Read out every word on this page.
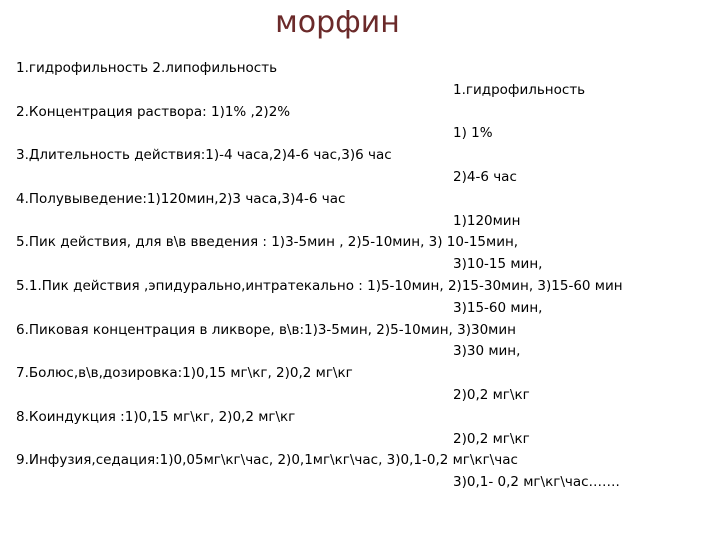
морфин
1.гидрофильность 2.липофильность
1.гидрофильность
2.Концентрация раствора: 1)1% ,2)2%
1) 1%
3.Длительность действия:1)-4 часа,2)4-6 час,3)6 час
2)4-6 час
4.Полувыведение:1)120мин,2)3 часа,3)4-6 час
1)120мин
5.Пик действия, для в\в введения : 1)3-5мин , 2)5-10мин, 3) 10-15мин,
3)10-15 мин,
5.1.Пик действия ,эпидурально,интратекально : 1)5-10мин, 2)15-30мин, 3)15-60 мин
3)15-60 мин,
6.Пиковая концентрация в ликворе, в\в:1)3-5мин, 2)5-10мин, 3)30мин
3)30 мин,
7.Болюс,в\в,дозировка:1)0,15 мг\кг, 2)0,2 мг\кг
2)0,2 мг\кг
8.Коиндукция :1)0,15 мг\кг, 2)0,2 мг\кг
2)0,2 мг\кг
9.Инфузия,седация:1)0,05мг\кг\час, 2)0,1мг\кг\час, 3)0,1-0,2 мг\кг\час
3)0,1- 0,2 мг\кг\час…….
